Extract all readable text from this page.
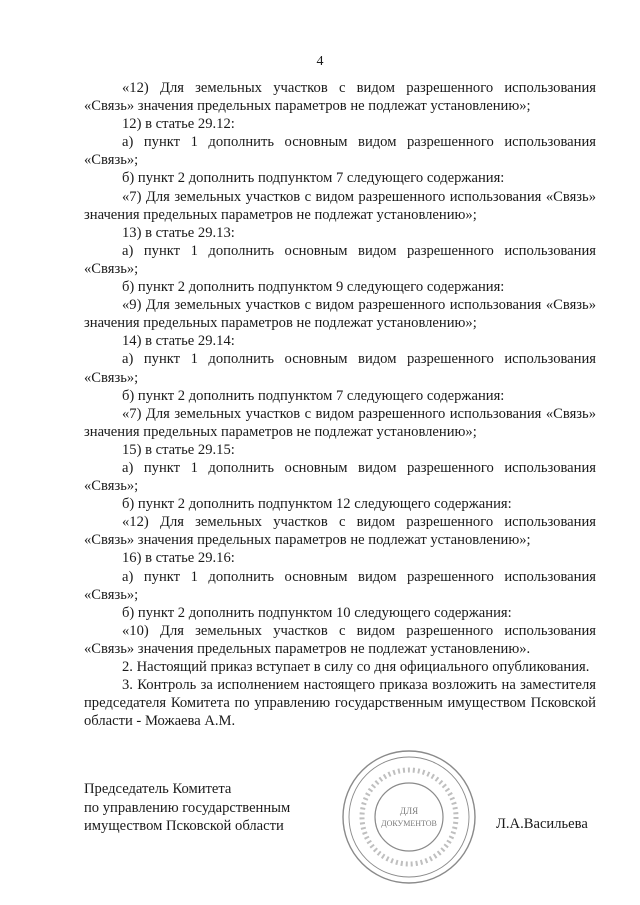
4

«12) Для земельных участков с видом разрешенного использования «Связь» значения предельных параметров не подлежат установлению»;

12) в статье 29.12:

а) пункт 1 дополнить основным видом разрешенного использования «Связь»;

б) пункт 2 дополнить подпунктом 7 следующего содержания:

«7) Для земельных участков с видом разрешенного использования «Связь» значения предельных параметров не подлежат установлению»;

13) в статье 29.13:

а) пункт 1 дополнить основным видом разрешенного использования «Связь»;

б) пункт 2 дополнить подпунктом 9 следующего содержания:

«9) Для земельных участков с видом разрешенного использования «Связь» значения предельных параметров не подлежат установлению»;

14) в статье 29.14:

а) пункт 1 дополнить основным видом разрешенного использования «Связь»;

б) пункт 2 дополнить подпунктом 7 следующего содержания:

«7) Для земельных участков с видом разрешенного использования «Связь» значения предельных параметров не подлежат установлению»;

15) в статье 29.15:

а) пункт 1 дополнить основным видом разрешенного использования «Связь»;

б) пункт 2 дополнить подпунктом 12 следующего содержания:

«12) Для земельных участков с видом разрешенного использования «Связь» значения предельных параметров не подлежат установлению»;

16) в статье 29.16:

а) пункт 1 дополнить основным видом разрешенного использования «Связь»;

б) пункт 2 дополнить подпунктом 10 следующего содержания:

«10) Для земельных участков с видом разрешенного использования «Связь» значения предельных параметров не подлежат установлению».

2. Настоящий приказ вступает в силу со дня официального опубликования.

3. Контроль за исполнением настоящего приказа возложить на заместителя председателя Комитета по управлению государственным имуществом Псковской области - Можаева А.М.

Председатель Комитета
по управлению государственным
имуществом Псковской области
ДЛЯ
ДОКУМЕНТОВ	Л.А.Васильева
